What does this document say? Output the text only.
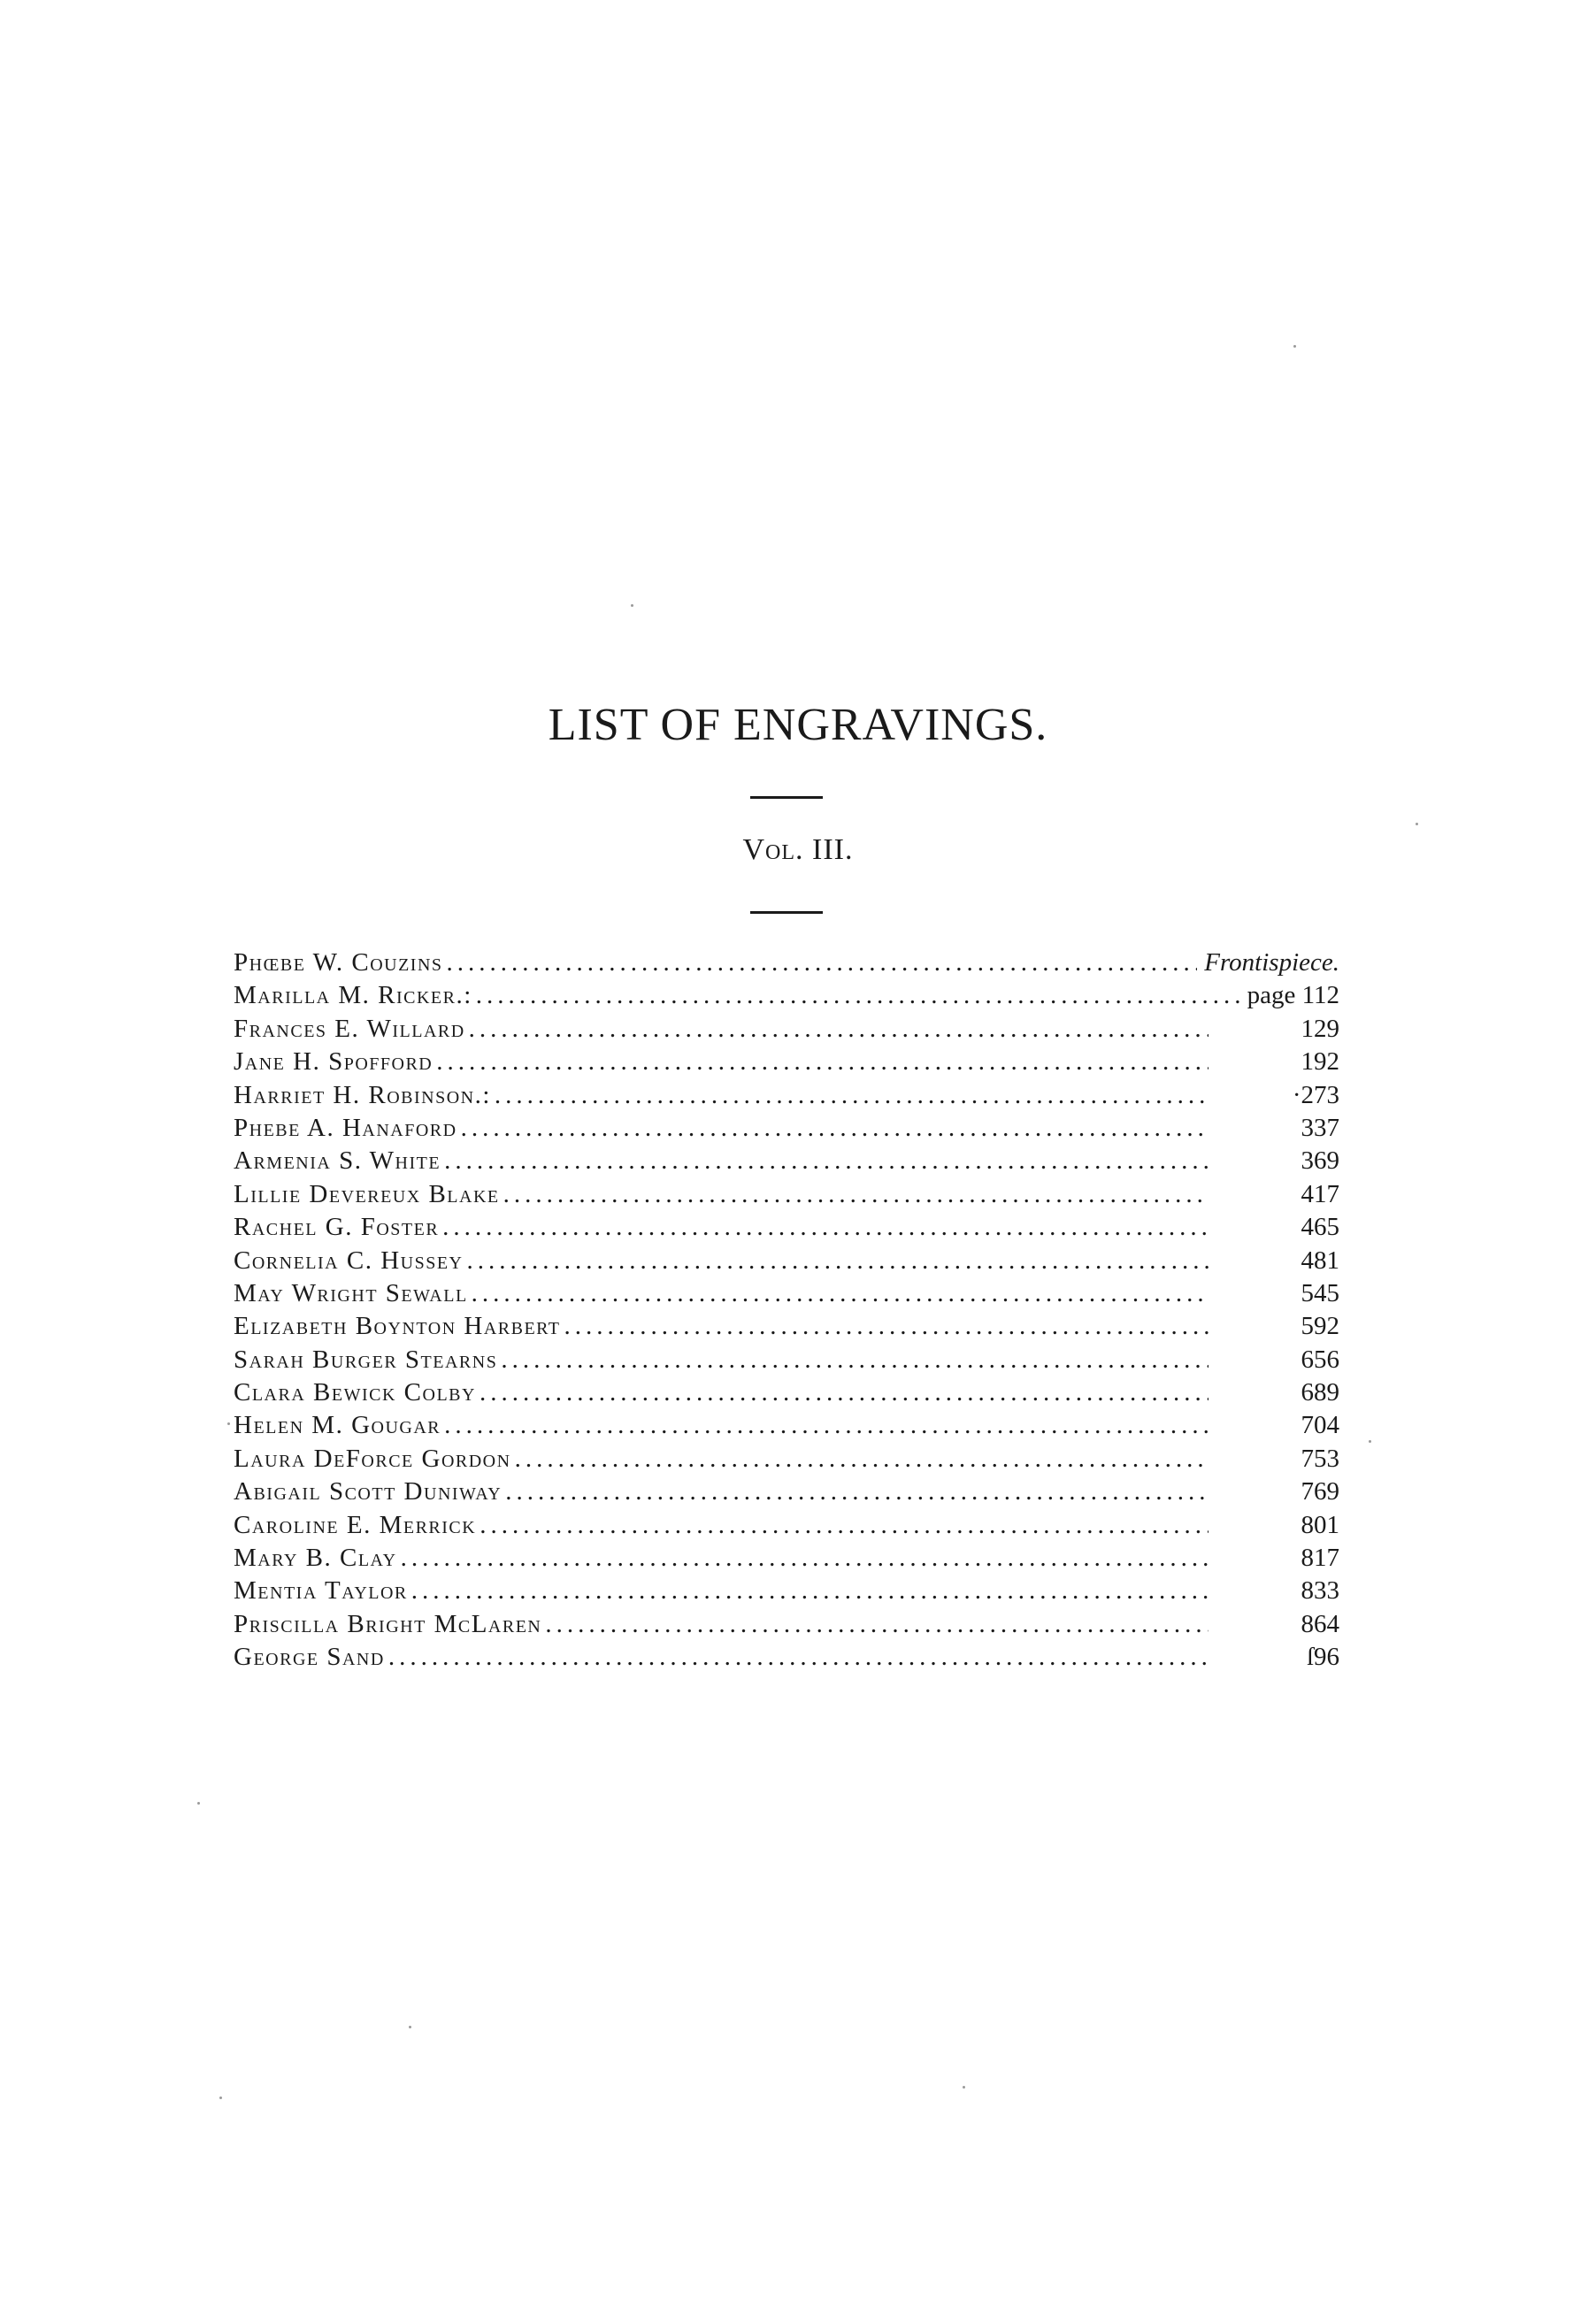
LIST OF ENGRAVINGS.
Vol. III.
Phœbe W. Couzins .....	Frontispiece.
Marilla M. Ricker.: .....	page 112
Frances E. Willard .....	129
Jane H. Spofford .....	192
Harriet H. Robinson.: .....	·273
Phebe A. Hanaford .....	337
Armenia S. White .....	369
Lillie Devereux Blake .....	417
Rachel G. Foster .....	465
Cornelia C. Hussey .....	481
May Wright Sewall .....	545
Elizabeth Boynton Harbert .....	592
Sarah Burger Stearns .....	656
Clara Bewick Colby .....	689
Helen M. Gougar .....	704
Laura DeForce Gordon .....	753
Abigail Scott Duniway .....	769
Caroline E. Merrick .....	801
Mary B. Clay .....	817
Mentia Taylor .....	833
Priscilla Bright McLaren .....	864
George Sand .....	ſ96
